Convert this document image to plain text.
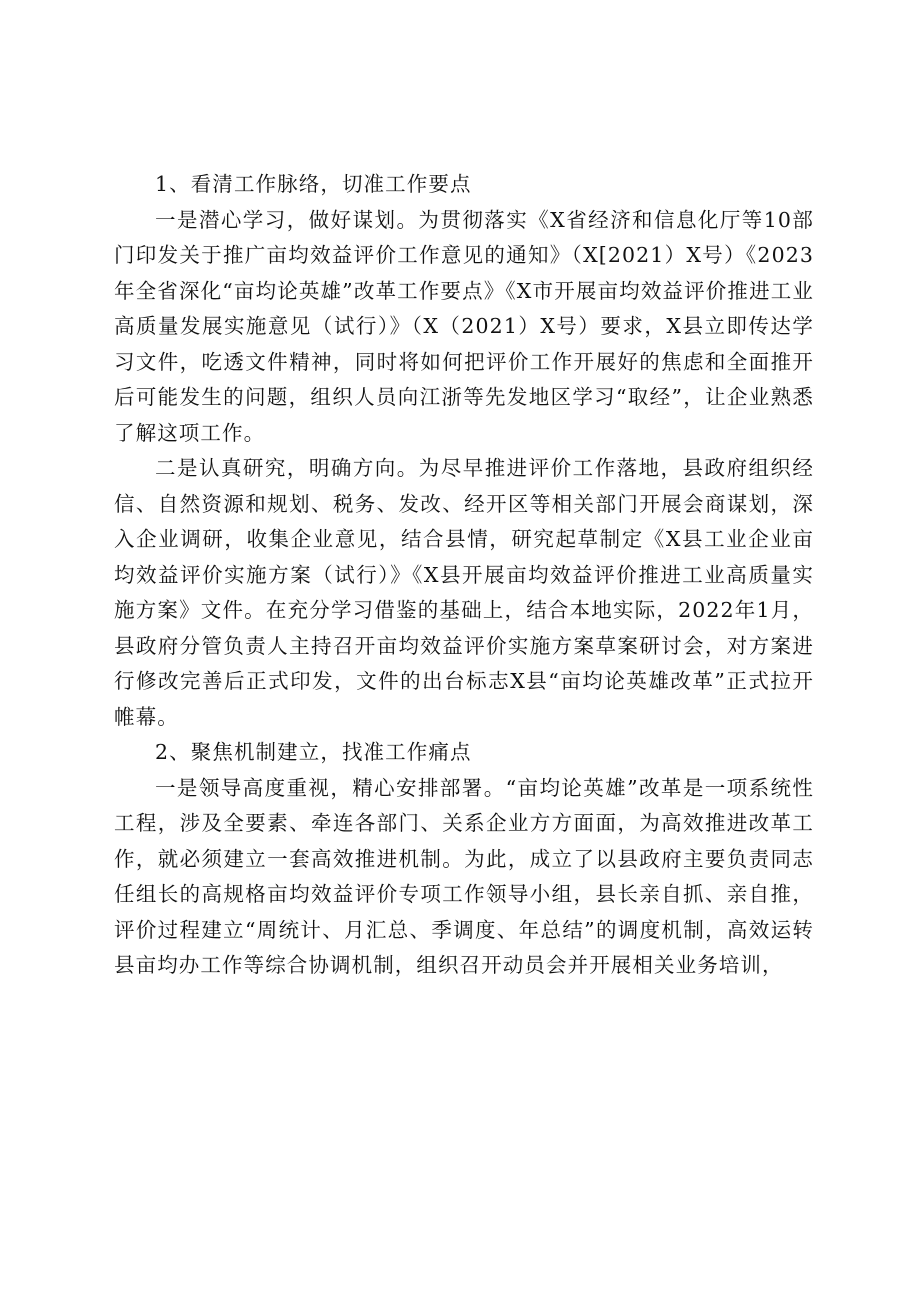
1、看清工作脉络，切准工作要点

一是潜心学习，做好谋划。为贯彻落实《X省经济和信息化厅等10部门印发关于推广亩均效益评价工作意见的通知》（X[2021）X号）《2023年全省深化“亩均论英雄”改革工作要点》《X市开展亩均效益评价推进工业高质量发展实施意见（试行）》（X（2021）X号）要求，X县立即传达学习文件，吃透文件精神，同时将如何把评价工作开展好的焦虑和全面推开后可能发生的问题，组织人员向江浙等先发地区学习“取经”，让企业熟悉了解这项工作。

二是认真研究，明确方向。为尽早推进评价工作落地，县政府组织经信、自然资源和规划、税务、发改、经开区等相关部门开展会商谋划，深入企业调研，收集企业意见，结合县情，研究起草制定《X县工业企业亩均效益评价实施方案（试行）》《X县开展亩均效益评价推进工业高质量实施方案》文件。在充分学习借鉴的基础上，结合本地实际，2022年1月，县政府分管负责人主持召开亩均效益评价实施方案草案研讨会，对方案进行修改完善后正式印发，文件的出台标志X县“亩均论英雄改革”正式拉开帷幕。

2、聚焦机制建立，找准工作痛点

一是领导高度重视，精心安排部署。“亩均论英雄”改革是一项系统性工程，涉及全要素、牵连各部门、关系企业方方面面，为高效推进改革工作，就必须建立一套高效推进机制。为此，成立了以县政府主要负责同志任组长的高规格亩均效益评价专项工作领导小组，县长亲自抓、亲自推，评价过程建立“周统计、月汇总、季调度、年总结”的调度机制，高效运转县亩均办工作等综合协调机制，组织召开动员会并开展相关业务培训，
